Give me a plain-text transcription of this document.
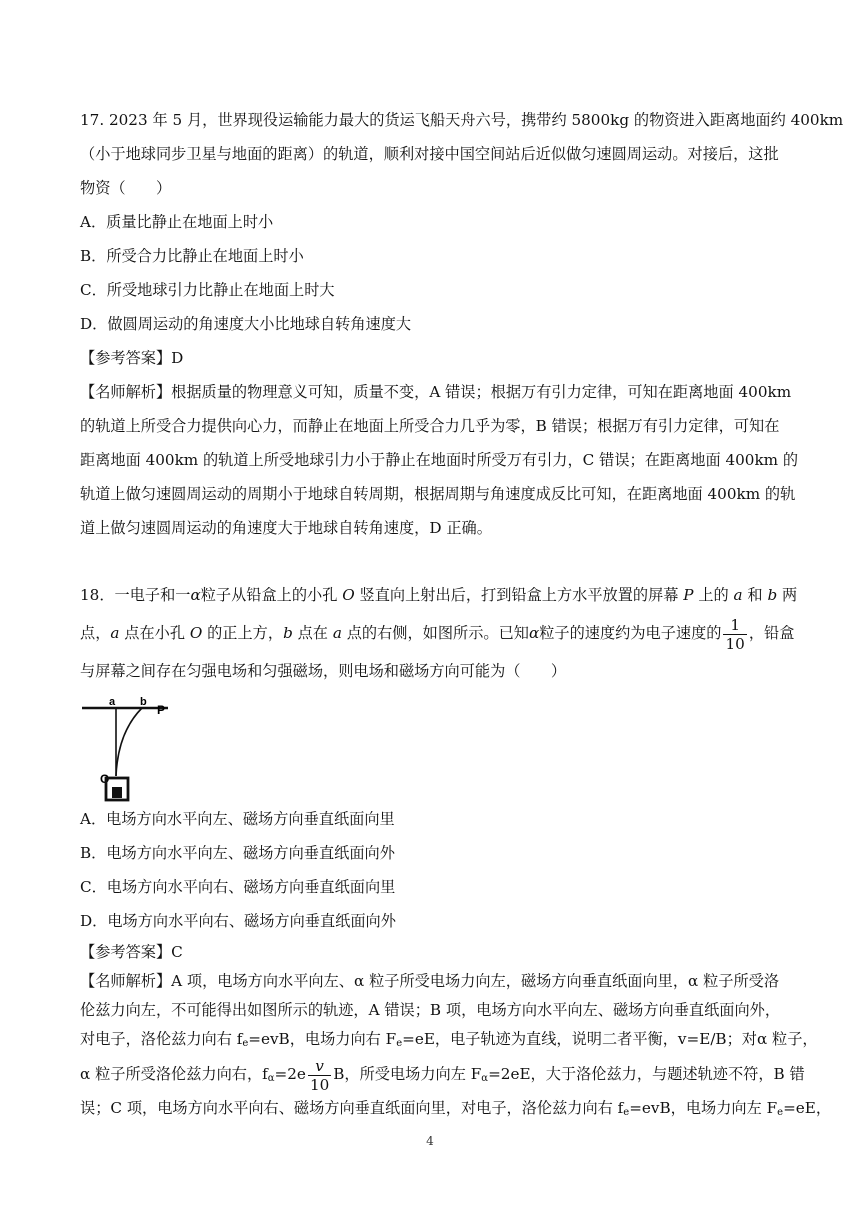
17. 2023 年 5 月，世界现役运输能力最大的货运飞船天舟六号，携带约 5800kg 的物资进入距离地面约 400km
（小于地球同步卫星与地面的距离）的轨道，顺利对接中国空间站后近似做匀速圆周运动。对接后，这批
物资（　　）
A．质量比静止在地面上时小
B．所受合力比静止在地面上时小
C．所受地球引力比静止在地面上时大
D．做圆周运动的角速度大小比地球自转角速度大
【参考答案】D
【名师解析】根据质量的物理意义可知，质量不变，A 错误；根据万有引力定律，可知在距离地面 400km
的轨道上所受合力提供向心力，而静止在地面上所受合力几乎为零，B 错误；根据万有引力定律，可知在
距离地面 400km 的轨道上所受地球引力小于静止在地面时所受万有引力，C 错误；在距离地面 400km 的
轨道上做匀速圆周运动的周期小于地球自转周期，根据周期与角速度成反比可知，在距离地面 400km 的轨
道上做匀速圆周运动的角速度大于地球自转角速度，D 正确。
18．一电子和一α粒子从铅盒上的小孔 O 竖直向上射出后，打到铅盒上方水平放置的屏幕 P 上的 a 和 b 两
点，a 点在小孔 O 的正上方，b 点在 a 点的右侧，如图所示。已知α粒子的速度约为电子速度的 $\frac{1}{10}$ ，铅盒
与屏幕之间存在匀强电场和匀强磁场，则电场和磁场方向可能为（　　）
a b
P
O
A．电场方向水平向左、磁场方向垂直纸面向里
B．电场方向水平向左、磁场方向垂直纸面向外
C．电场方向水平向右、磁场方向垂直纸面向里
D．电场方向水平向右、磁场方向垂直纸面向外
【参考答案】C
【名师解析】A 项，电场方向水平向左、α 粒子所受电场力向左，磁场方向垂直纸面向里，α 粒子所受洛
伦兹力向左，不可能得出如图所示的轨迹，A 错误；B 项，电场方向水平向左、磁场方向垂直纸面向外，
对电子，洛伦兹力向右 $f_e=evB$，电场力向右 $F_e=eE$，电子轨迹为直线，说明二者平衡，v=E/B；对α 粒子，
α 粒子所受洛伦兹力向右，$f_\alpha=2e \frac{v}{10}$ B，所受电场力向左 $F_\alpha=2eE$，大于洛伦兹力，与题述轨迹不符，B 错
误；C 项，电场方向水平向右、磁场方向垂直纸面向里，对电子，洛伦兹力向右 $f_e=evB$，电场力向左 $F_e=eE$，
4
